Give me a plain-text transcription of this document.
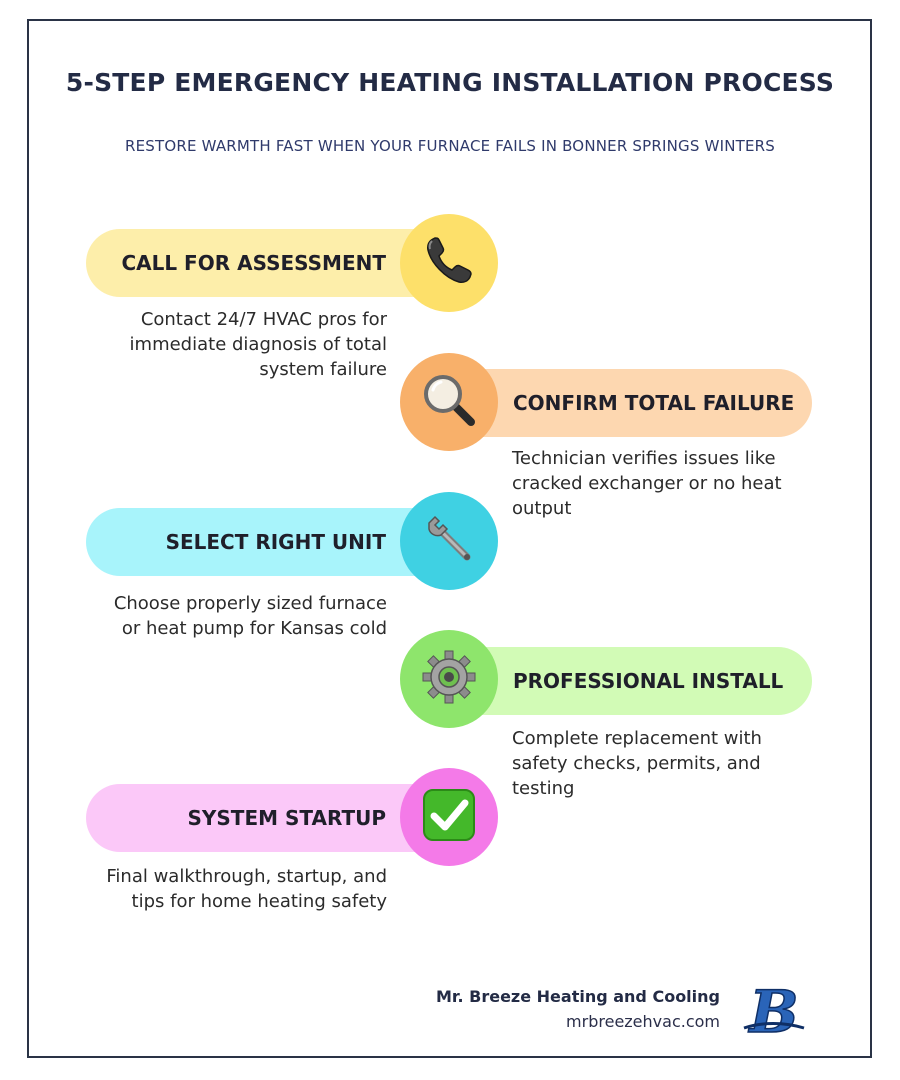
5-STEP EMERGENCY HEATING INSTALLATION PROCESS
RESTORE WARMTH FAST WHEN YOUR FURNACE FAILS IN BONNER SPRINGS WINTERS
CALL FOR ASSESSMENT
Contact 24/7 HVAC pros for immediate diagnosis of total system failure
CONFIRM TOTAL FAILURE
Technician verifies issues like cracked exchanger or no heat output
SELECT RIGHT UNIT
Choose properly sized furnace or heat pump for Kansas cold
PROFESSIONAL INSTALL
Complete replacement with safety checks, permits, and testing
SYSTEM STARTUP
Final walkthrough, startup, and tips for home heating safety
Mr. Breeze Heating and Cooling
mrbreezehvac.com B
